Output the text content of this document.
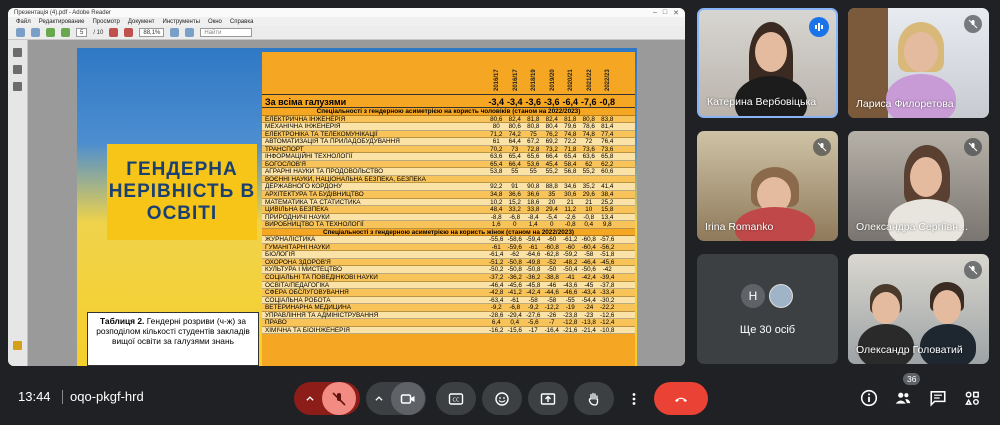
Презентація (4).pdf - Adobe Reader	– □ ✕
Файл Редактирование Просмотр Документ Инструменты Окно Справка
5	/ 10	88,1%	Найти
ГЕНДЕРНА
НЕРІВНІСТЬ В
ОСВІТІ
Таблиця 2. Гендерні розриви (ч-ж) за розподілом кількості студентів закладів вищої освіти за галузями знань
2016/17 2016/17 2018/19 2019/20 2020/21 2021/22 2022/23
За всіма галузями	-3,4 -3,4 -3,6 -3,6 -6,4 -7,6 -0,8
Спеціальності з гендерною асиметрією на користь чоловіків (станом на 2022/2023)
ЕЛЕКТРИЧНА ІНЖЕНЕРІЯ	80,6 82,4 81,8 82,4 81,8 80,8 83,8
МЕХАНІЧНА ІНЖЕНЕРІЯ	80	80,6 80,8 80,4 79,6 78,6 81,4
ЕЛЕКТРОНІКА ТА ТЕЛЕКОМУНІКАЦІЇ	71,2 74,2	75	76,2 74,8 74,8 77,4
АВТОМАТИЗАЦІЯ ТА ПРИЛАДОБУДУВАННЯ	61	64,4 67,2 69,2 72,2	72	76,4
ТРАНСПОРТ	70,2	73	72,8 73,2 71,8 73,6 73,6
ІНФОРМАЦІЙНІ ТЕХНОЛОГІЇ	63,6 65,4 65,6 66,4 65,4 63,6 65,8
БОГОСЛОВ'Я	65,4 66,4 53,6 45,4 58,4	62	62,2
АГРАРНІ НАУКИ ТА ПРОДОВОЛЬСТВО	53,8	55	55	55,2 56,8 55,2 60,6
ВОЄННІ НАУКИ, НАЦІОНАЛЬНА БЕЗПЕКА, БЕЗПЕКА
ДЕРЖАВНОГО КОРДОНУ	92,2	91	90,8 88,8 34,6 35,2 41,4
АРХІТЕКТУРА ТА БУДІВНИЦТВО	34,8 36,6 36,6	35	30,6 29,6 38,4
МАТЕМАТИКА ТА СТАТИСТИКА	10,2 15,2 18,6	20	21	21	25,2
ЦИВІЛЬНА БЕЗПЕКА	48,4 33,2 33,8 29,4	11,2	10	15,8
ПРИРОДНИЧІ НАУКИ	-8,8	-6,8	-8,4	-5,4	-2,6	-0,8	13,4
ВИРОБНИЦТВО ТА ТЕХНОЛОГІЇ	1,6	0	1,4	0	-0,8	0,4	9,8
Спеціальності з гендерною асиметрією на користь жінок (станом на 2022/2023)
ЖУРНАЛІСТИКА	-55,6 -58,6 -59,4	-60	-61,2 -60,8 -57,6
ГУМАНІТАРНІ НАУКИ	-61	-59,6	-61	-60,8	-60	-60,4 -56,2
БІОЛОГІЯ	-61,4	-62	-64,6 -62,8 -59,2	-58	-51,8
ОХОРОНА ЗДОРОВ'Я	-51,2 -50,8 -49,8	-52	-48,2 -46,4 -45,6
КУЛЬТУРА І МИСТЕЦТВО	-50,2 -50,8 -50,8	-50	-50,4 -50,6	-42
СОЦІАЛЬНІ ТА ПОВЕДІНКОВІ НАУКИ	-37,2 -36,2 -36,2 -38,8	-41	-42,4 -39,4
ОСВІТА/ПЕДАГОГІКА	-46,4 -45,6 -45,8	-46	-43,6	-45	-37,8
СФЕРА ОБСЛУГОВУВАННЯ	-42,8 -41,2 -42,4 -44,6 -46,6 -43,4 -33,4
СОЦІАЛЬНА РОБОТА	-63,4	-61	-58	-58	-55	-54,4 -30,2
ВЕТЕРИНАРНА МЕДИЦИНА	-9,2	-6,8	-9,2 -12,2	-19	-24	-22,2
УПРАВЛІННЯ ТА АДМІНІСТРУВАННЯ	-28,6 -29,4 -27,6	-26	-23,8	-23	-12,6
ПРАВО	6,4	0,4	-5,6	-7	-12,8 -13,8 -12,4
ХІМІЧНА ТА БІОІНЖЕНЕРІЯ	-16,2 -15,6	-17	-16,4 -21,6 -21,4 -10,8
Катерина Вербовіцька	Лариса Филоретова
Irina Romanko	Олександра Сергіївн…
Н
Ще 30 осіб
Олександр Головатий
13:44 oqo-pkgf-hrd	CC
36
